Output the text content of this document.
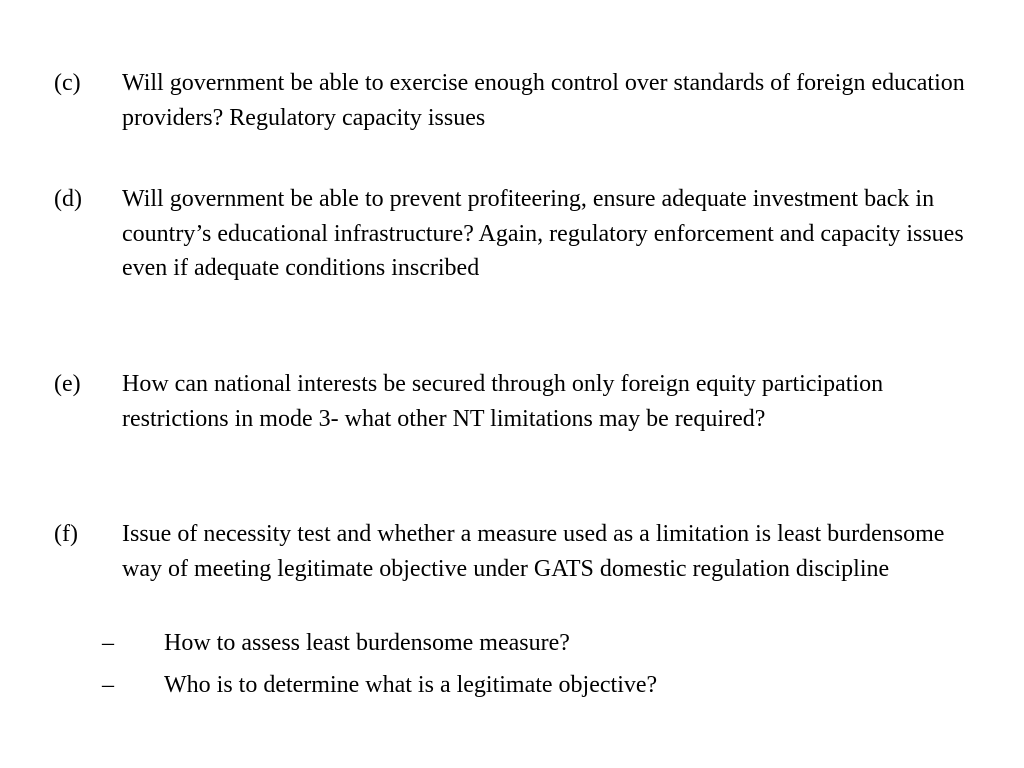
(c)	Will government be able to exercise enough control over standards of foreign education providers? Regulatory capacity issues
(d)	Will government be able to prevent profiteering, ensure adequate investment back in country’s educational infrastructure? Again, regulatory enforcement and capacity issues even if adequate conditions inscribed
(e)	How can national interests be secured through only foreign equity participation restrictions in mode 3- what other NT limitations may be required?
(f)	Issue of necessity test and whether a measure used as a limitation is least burdensome way of meeting legitimate objective under GATS domestic regulation discipline
– How to assess least burdensome measure?
– Who is to determine what is a legitimate objective?
